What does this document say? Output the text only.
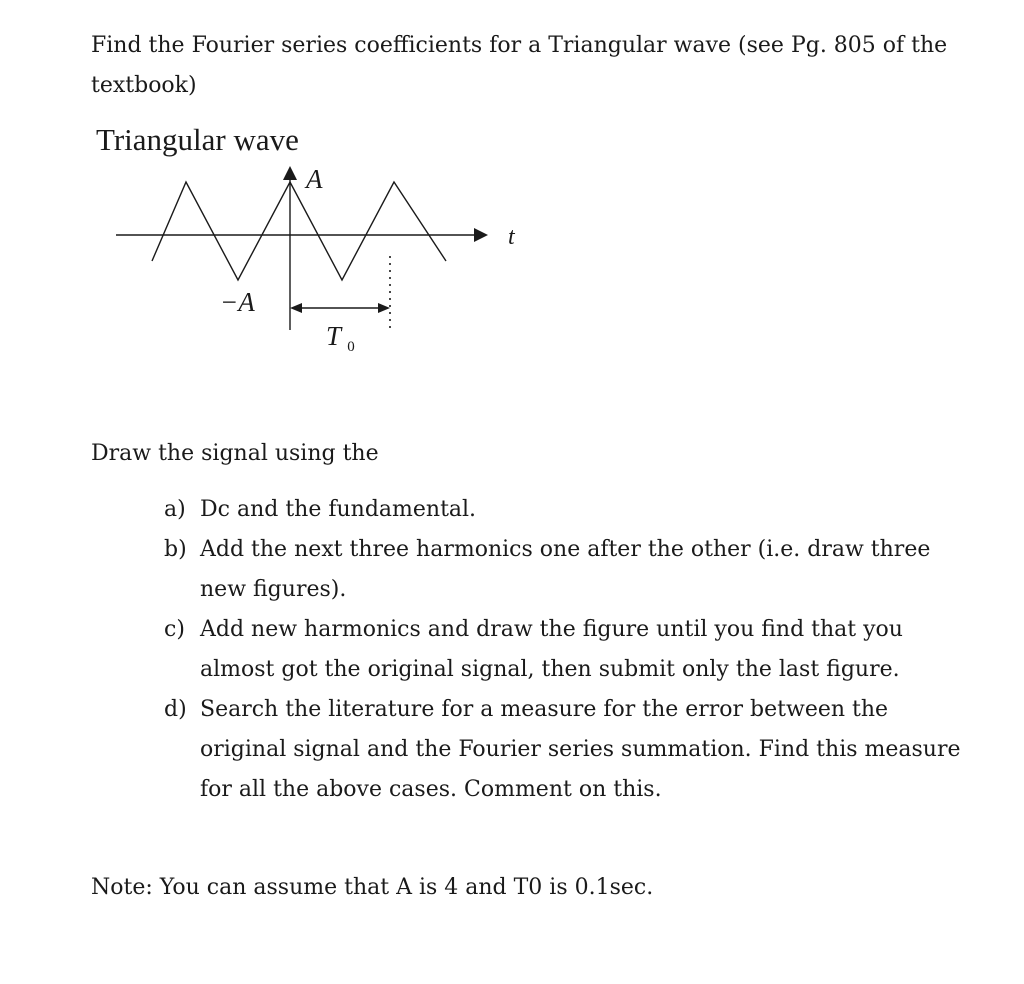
Find the Fourier series coefficients for a Triangular wave (see Pg. 805 of the textbook)

Triangular wave
A
−A
t
T $_0$

Draw the signal using the

a) Dc and the fundamental.
b) Add the next three harmonics one after the other (i.e. draw three new figures).
c) Add new harmonics and draw the figure until you find that you almost got the original signal, then submit only the last figure.
d) Search the literature for a measure for the error between the original signal and the Fourier series summation. Find this measure for all the above cases. Comment on this.

Note: You can assume that A is 4 and T0 is 0.1sec.
